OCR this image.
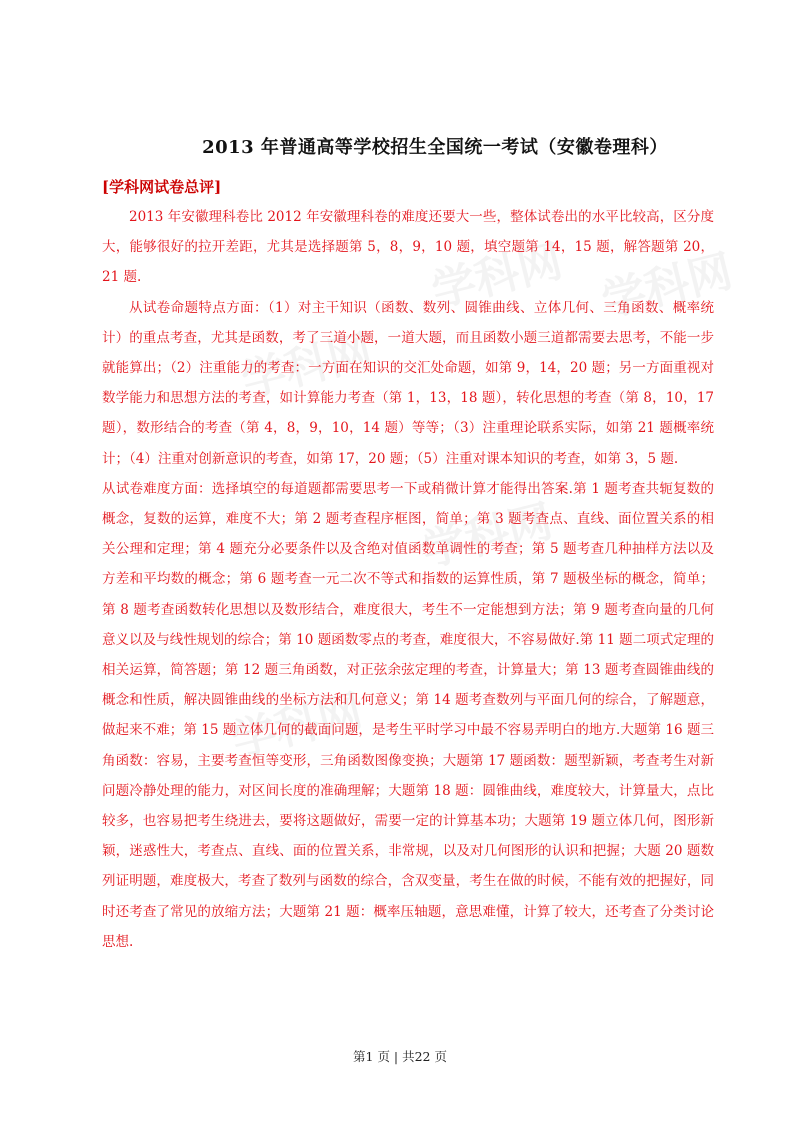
学科网 学科网
学科网
学科网
学科网
2013 年普通高等学校招生全国统一考试（安徽卷理科）
[学科网试卷总评]

2013 年安徽理科卷比 2012 年安徽理科卷的难度还要大一些，整体试卷出的水平比较高，区分度大，能够很好的拉开差距，尤其是选择题第 5，8，9，10 题，填空题第 14，15 题，解答题第 20，21 题.

从试卷命题特点方面：（1）对主干知识（函数、数列、圆锥曲线、立体几何、三角函数、概率统计）的重点考查，尤其是函数，考了三道小题，一道大题，而且函数小题三道都需要去思考，不能一步就能算出；（2）注重能力的考查：一方面在知识的交汇处命题，如第 9，14，20 题；另一方面重视对数学能力和思想方法的考查，如计算能力考查（第 1，13，18 题），转化思想的考查（第 8，10，17 题），数形结合的考查（第 4，8，9，10，14 题）等等；（3）注重理论联系实际，如第 21 题概率统计；（4）注重对创新意识的考查，如第 17，20 题；（5）注重对课本知识的考查，如第 3，5 题.

从试卷难度方面：选择填空的每道题都需要思考一下或稍微计算才能得出答案.第 1 题考查共轭复数的概念，复数的运算，难度不大；第 2 题考查程序框图，简单；第 3 题考查点、直线、面位置关系的相关公理和定理；第 4 题充分必要条件以及含绝对值函数单调性的考查；第 5 题考查几种抽样方法以及方差和平均数的概念；第 6 题考查一元二次不等式和指数的运算性质，第 7 题极坐标的概念，简单；第 8 题考查函数转化思想以及数形结合，难度很大，考生不一定能想到方法；第 9 题考查向量的几何意义以及与线性规划的综合；第 10 题函数零点的考查，难度很大，不容易做好.第 11 题二项式定理的相关运算，简答题；第 12 题三角函数，对正弦余弦定理的考查，计算量大；第 13 题考查圆锥曲线的概念和性质，解决圆锥曲线的坐标方法和几何意义；第 14 题考查数列与平面几何的综合，了解题意，做起来不难；第 15 题立体几何的截面问题，是考生平时学习中最不容易弄明白的地方.大题第 16 题三角函数：容易，主要考查恒等变形，三角函数图像变换；大题第 17 题函数：题型新颖，考查考生对新问题冷静处理的能力，对区间长度的准确理解；大题第 18 题：圆锥曲线，难度较大，计算量大，点比较多，也容易把考生绕进去，要将这题做好，需要一定的计算基本功；大题第 19 题立体几何，图形新颖，迷惑性大，考查点、直线、面的位置关系，非常规，以及对几何图形的认识和把握；大题 20 题数列证明题，难度极大，考查了数列与函数的综合，含双变量，考生在做的时候，不能有效的把握好，同时还考查了常见的放缩方法；大题第 21 题：概率压轴题，意思难懂，计算了较大，还考查了分类讨论思想.

第1 页 | 共22 页
